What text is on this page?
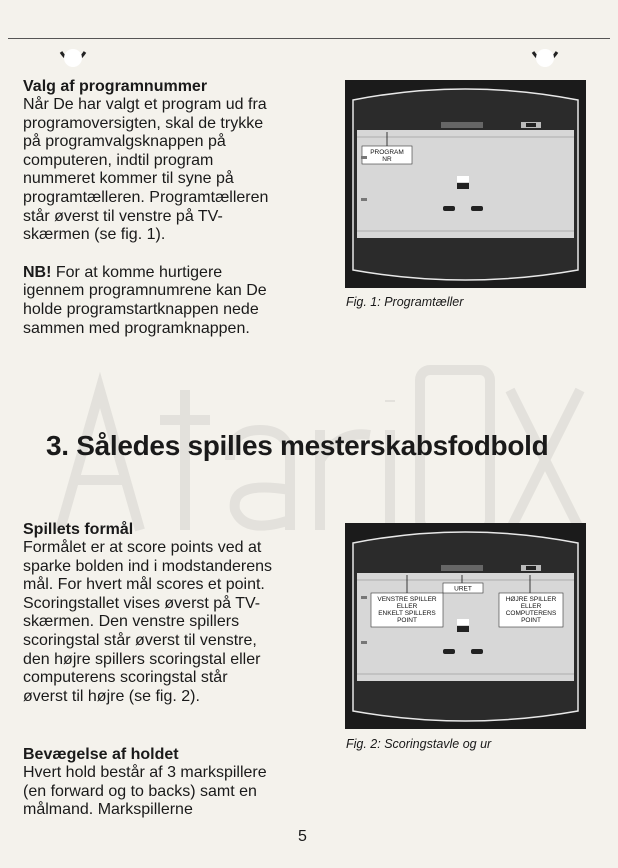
Valg af programnummer

Når De har valgt et program ud fra
programoversigten, skal de trykke
på programvalgsknappen på
computeren, indtil program
nummeret kommer til syne på
programtælleren. Programtælleren
står øverst til venstre på TV-
skærmen (se fig. 1).

NB! For at komme hurtigere
igennem programnumrene kan De
holde programstartknappen nede
sammen med programknappen.

PROGRAM
NR
Fig. 1: Programtæller
3. Således spilles mesterskabsfodbold

Spillets formål

Formålet er at score points ved at
sparke bolden ind i modstanderens
mål. For hvert mål scores et point.
Scoringstallet vises øverst på TV-
skærmen. Den venstre spillers
scoringstal står øverst til venstre,
den højre spillers scoringstal eller
computerens scoringstal står
øverst til højre (se fig. 2).

URET
VENSTRE SPILLER
ELLER
ENKELT SPILLERS
POINT
HØJRE SPILLER
ELLER
COMPUTERENS
POINT
Fig. 2: Scoringstavle og ur

Bevægelse af holdet

Hvert hold består af 3 markspillere
(en forward og to backs) samt en
målmand. Markspillerne

5
